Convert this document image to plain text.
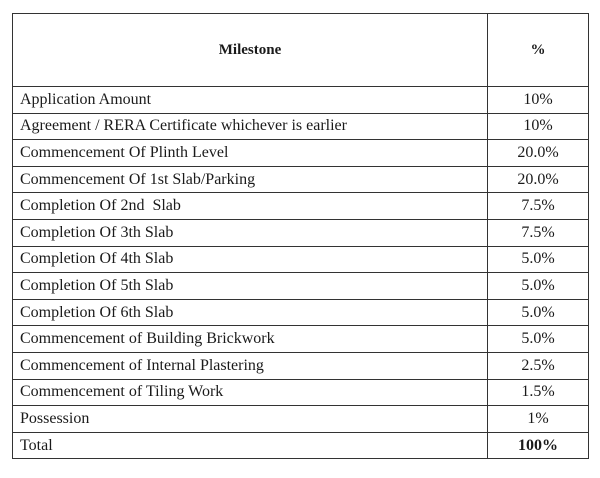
Milestone	%
Application Amount	10%
Agreement / RERA Certificate whichever is earlier	10%
Commencement Of Plinth Level	20.0%
Commencement Of 1st Slab/Parking	20.0%
Completion Of 2nd  Slab	7.5%
Completion Of 3th Slab	7.5%
Completion Of 4th Slab	5.0%
Completion Of 5th Slab	5.0%
Completion Of 6th Slab	5.0%
Commencement of Building Brickwork	5.0%
Commencement of Internal Plastering	2.5%
Commencement of Tiling Work	1.5%
Possession	1%
Total	100%
